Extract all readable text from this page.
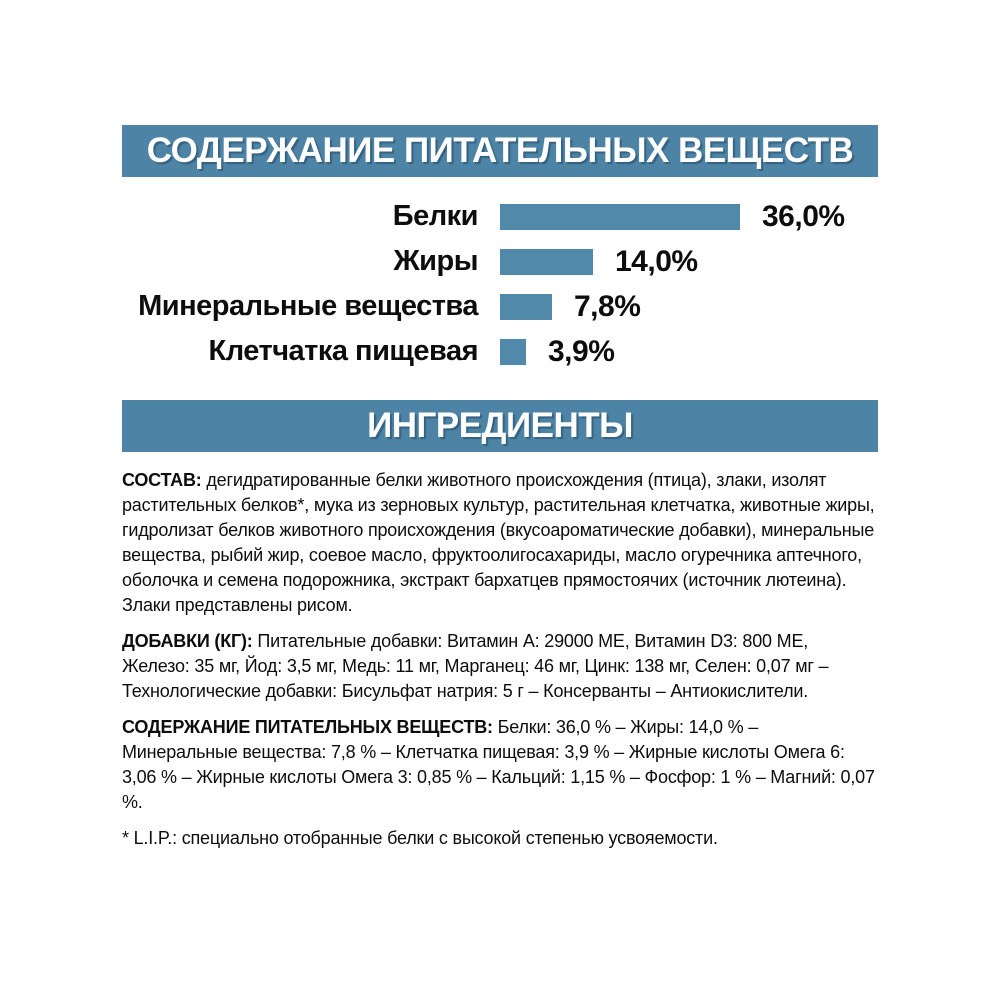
СОДЕРЖАНИЕ ПИТАТЕЛЬНЫХ ВЕЩЕСТВ
Белки	36,0%
Жиры	14,0%
Минеральные вещества	7,8%
Клетчатка пищевая 3,9%
ИНГРЕДИЕНТЫ

СОСТАВ: дегидратированные белки животного происхождения (птица), злаки, изолят растительных белков*, мука из зерновых культур, растительная клетчатка, животные жиры, гидролизат белков животного происхождения (вкусоароматические добавки), минеральные вещества, рыбий жир, соевое масло, фруктоолигосахариды, масло огуречника аптечного, оболочка и семена подорожника, экстракт бархатцев прямостоячих (источник лютеина). Злаки представлены рисом.

ДОБАВКИ (КГ): Питательные добавки: Витамин A: 29000 МЕ, Витамин D3: 800 МЕ, Железо: 35 мг, Йод: 3,5 мг, Медь: 11 мг, Марганец: 46 мг, Цинк: 138 мг, Селен: 0,07 мг – Технологические добавки: Бисульфат натрия: 5 г – Консерванты – Антиокислители.

СОДЕРЖАНИЕ ПИТАТЕЛЬНЫХ ВЕЩЕСТВ: Белки: 36,0 % – Жиры: 14,0 % – Минеральные вещества: 7,8 % – Клетчатка пищевая: 3,9 % – Жирные кислоты Омега 6: 3,06 % – Жирные кислоты Омега 3: 0,85 % – Кальций: 1,15 % – Фосфор: 1 % – Магний: 0,07 %.

* L.I.P.: специально отобранные белки с высокой степенью усвояемости.
